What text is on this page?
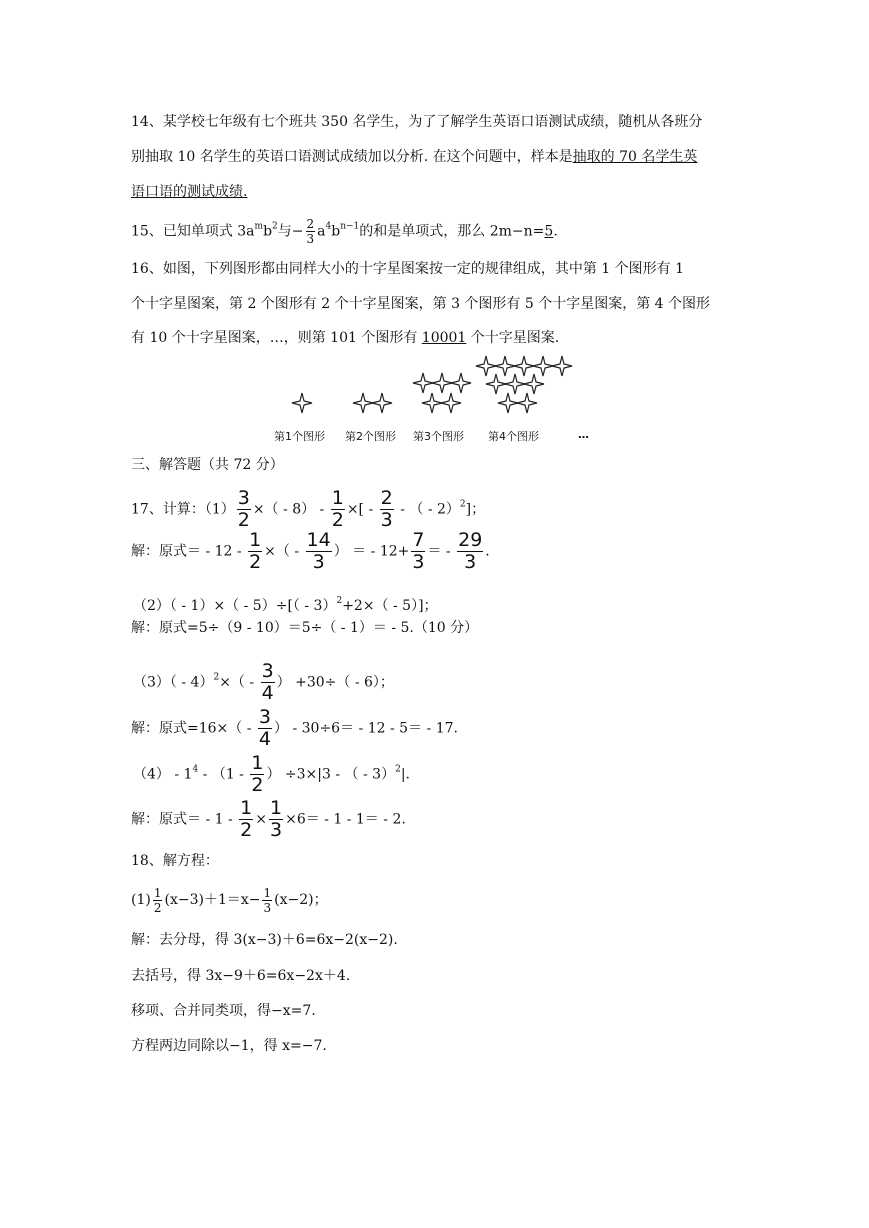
14、某学校七年级有七个班共 350 名学生，为了了解学生英语口语测试成绩，随机从各班分
别抽取 10 名学生的英语口语测试成绩加以分析. 在这个问题中，样本是抽取的 70 名学生英
语口语的测试成绩.
15、已知单项式 $3a^mb^2$与− $\frac{2}{3} a^4b^{n-1}$的和是单项式，那么 2m−n=5.
16、如图，下列图形都由同样大小的十字星图案按一定的规律组成，其中第 1 个图形有 1
个十字星图案，第 2 个图形有 2 个十字星图案，第 3 个图形有 5 个十字星图案，第 4 个图形
有 10 个十字星图案，…，则第 101 个图形有 10001 个十字星图案.
第1个图形 第2个图形 第3个图形 第4个图形	…
三、解答题（共 72 分）
17、计算：$(1) \frac{3}{2}$ ×（ - $8) - \frac{1}{2}$ ×[ - $\frac{2}{3}$ - （ - 2）$^2$]；
解：原式＝ - $12 - \frac{1}{2}$ ×（ - $\frac{14}{3}$ ） ＝ - $12+ \frac{7}{3}$ ＝ - $\frac{29}{3}$ .
（2）（ - 1）×（ - 5）÷[（ - 3）$^2$+2×（ - 5）]；
解：原式=5÷（9 - 10）＝5÷（ - 1）＝ - 5.（10 分）
$(3)( - 4)^2\times( - \frac{3}{4}$ ） +30÷（ - 6）；
解：原式$=16\times( - \frac{3}{4}$ ） - 30÷6＝ - 12 - 5＝ - 17.
$(4) - 1^4 - (1 - \frac{1}{2}$ ） ÷3×|3 - （ - 3）$^2$|.
解：原式＝ - $1 - \frac{1}{2} \times \frac{1}{3} \times 6= - 1 - 1= - 2$.
18、解方程：
$(1) \frac{1}{2} (x-3)+1=x- \frac{1}{3} (x-2)$；
解：去分母，得 3(x−3)＋6=6x−2(x−2).
去括号，得 3x−9＋6=6x−2x＋4.
移项、合并同类项，得−x=7.
方程两边同除以−1，得 x=−7.
